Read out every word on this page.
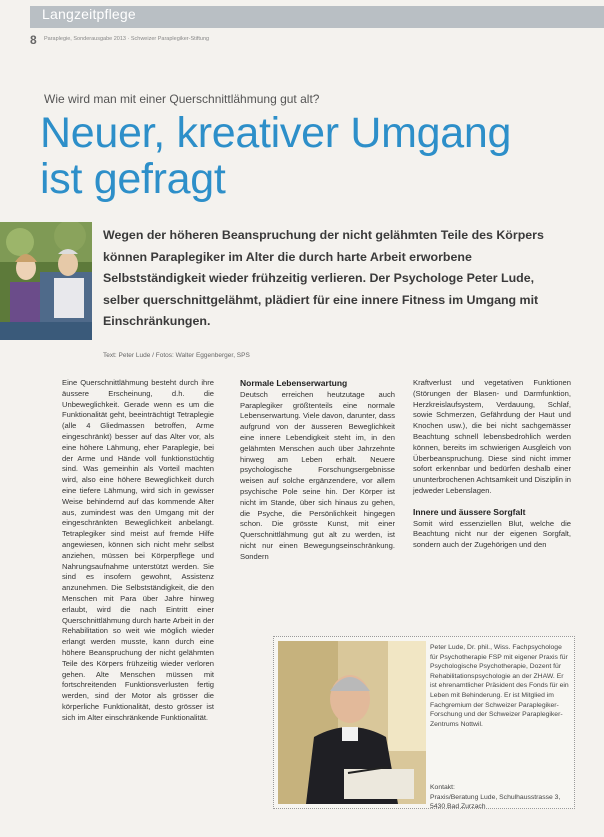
Langzeitpflege
8 Paraplegie, Sonderausgabe 2013 · Schweizer Paraplegiker-Stiftung
Wie wird man mit einer Querschnittlähmung gut alt?
Neuer, kreativer Umgang
ist gefragt

Wegen der höheren Beanspruchung der nicht gelähmten Teile des Körpers können Paraplegiker im Alter die durch harte Arbeit erworbene Selbstständigkeit wieder frühzeitig verlieren. Der Psychologe Peter Lude, selber querschnittgelähmt, plädiert für eine innere Fitness im Umgang mit Einschränkungen.

Text: Peter Lude / Fotos: Walter Eggenberger, SPS

Eine Querschnittlähmung besteht durch ihre äussere Erscheinung, d.h. die Unbeweglichkeit. Gerade wenn es um die Funktionalität geht, beeinträchtigt Tetraplegie (alle 4 Gliedmassen betroffen, Arme eingeschränkt) besser auf das Alter vor, als eine höhere Lähmung, eher Paraplegie, bei der Arme und Hände voll funktionstüchtig sind. Was gemeinhin als Vorteil machten wird, also eine höhere Beweglichkeit durch eine tiefere Lähmung, wird sich in gewisser Weise behindernd auf das kommende Alter aus, zumindest was den Umgang mit der eingeschränkten Beweglichkeit anbelangt. Tetraplegiker sind meist auf fremde Hilfe angewiesen, können sich nicht mehr selbst anziehen, müssen bei Körperpflege und Nahrungsaufnahme unterstützt werden. Sie sind es insofern gewohnt, Assistenz anzunehmen. Die Selbstständigkeit, die den Menschen mit Para über Jahre hinweg erlaubt, wird die nach Eintritt einer Querschnittlähmung durch harte Arbeit in der Rehabilitation so weit wie möglich wieder erlangt werden musste, kann durch eine höhere Beanspruchung der nicht gelähmten Teile des Körpers frühzeitig wieder verloren gehen. Alte Menschen müssen mit fortschreitenden Funktionsverlusten fertig werden, sind der Motor als grösser die körperliche Funktionalität, desto grösser ist sich im Alter einschränkende Funktionalität.

Normale Lebenserwartung

Deutsch erreichen heutzutage auch Paraplegiker größtenteils eine normale Lebenserwartung. Viele davon, darunter, dass aufgrund von der äusseren Beweglichkeit eine innere Lebendigkeit steht im, in den gelähmten Menschen auch über Jahrzehnte hinweg am Leben erhält. Neuere psychologische Forschungsergebnisse weisen auf solche ergänzendere, vor allem psychische Pole seine hin. Der Körper ist nicht im Stande, über sich hinaus zu gehen, die Psyche, die Persönlichkeit hingegen schon. Die grösste Kunst, mit einer Querschnittlähmung gut alt zu werden, ist nicht nur einen Bewegungseinschränkung. Sondern

Kraftverlust und vegetativen Funktionen (Störungen der Blasen- und Darmfunktion, Herzkreislaufsystem, Verdauung, Schlaf, sowie Schmerzen, Gefährdung der Haut und Knochen usw.), die bei nicht sachgemässer Beachtung schnell lebensbedrohlich werden können, bereits im schwierigen Ausgleich von Überbeanspruchung. Diese sind nicht immer sofort erkennbar und bedürfen deshalb einer ununterbrochenen Achtsamkeit und Disziplin in jedweder Lebenslagen.

Innere und äussere Sorgfalt

Somit wird essenziellen Blut, welche die Beachtung nicht nur der eigenen Sorgfalt, sondern auch der Zugehörigen und den

Peter Lude, Dr. phil., Wiss. Fachpsychologe für Psychotherapie FSP mit eigener Praxis für Psychologische Psychotherapie, Dozent für Rehabilitationspsychologie an der ZHAW. Er ist ehrenamtlicher Präsident des Fonds für ein Leben mit Behinderung. Er ist Mitglied im Fachgremium der Schweizer Paraplegiker-Forschung und der Schweizer Paraplegiker-Zentrums Nottwil.

Kontakt:
Praxis/Beratung Lude, Schulhausstrasse 3, 5430 Bad Zurzach
